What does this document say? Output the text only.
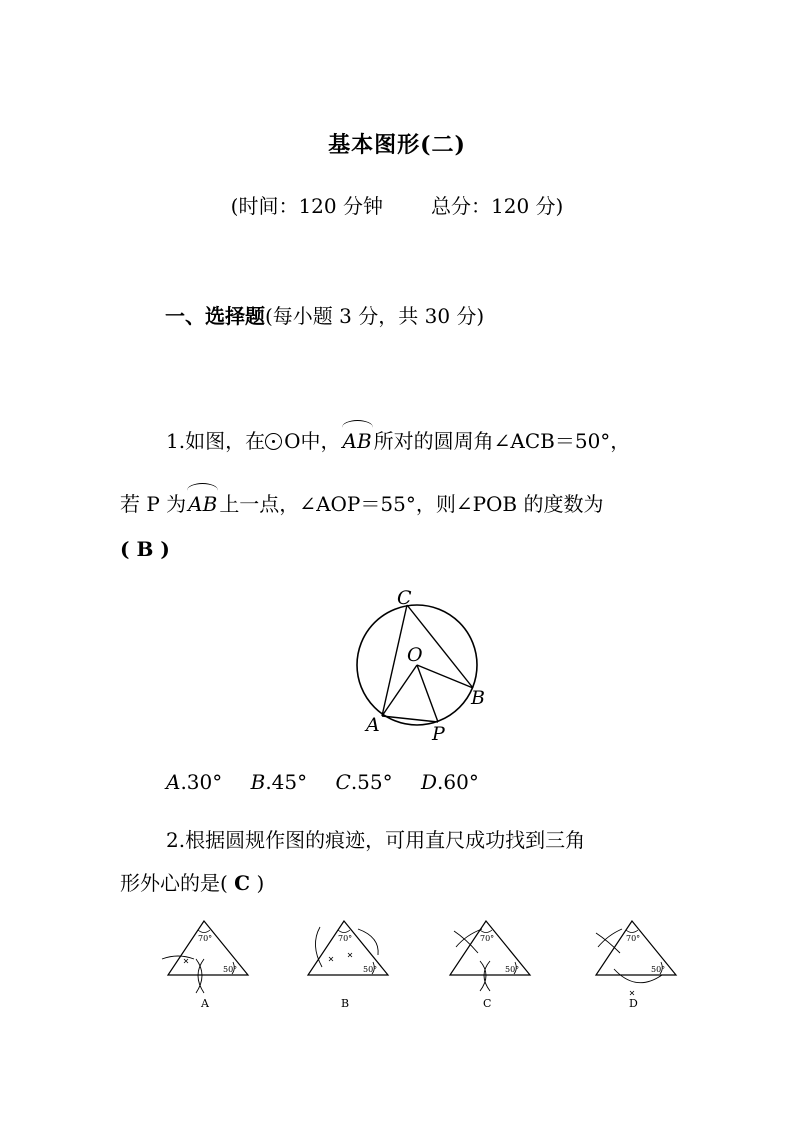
基本图形(二)
(时间：120 分钟 总分：120 分)
一、选择题(每小题 3 分，共 30 分)
1.如图，在 O中， AB 所对的圆周角∠ACB＝50°，
若 P 为 AB 上一点，∠AOP＝55°，则∠POB 的度数为
( B )
C
O
A
B
P
A.30° B.45° C.55° D.60°
2.根据圆规作图的痕迹，可用直尺成功找到三角
形外心的是( C )
70°
50°
A
70°
50°
B
70°
50°
C
70°
50°
D
